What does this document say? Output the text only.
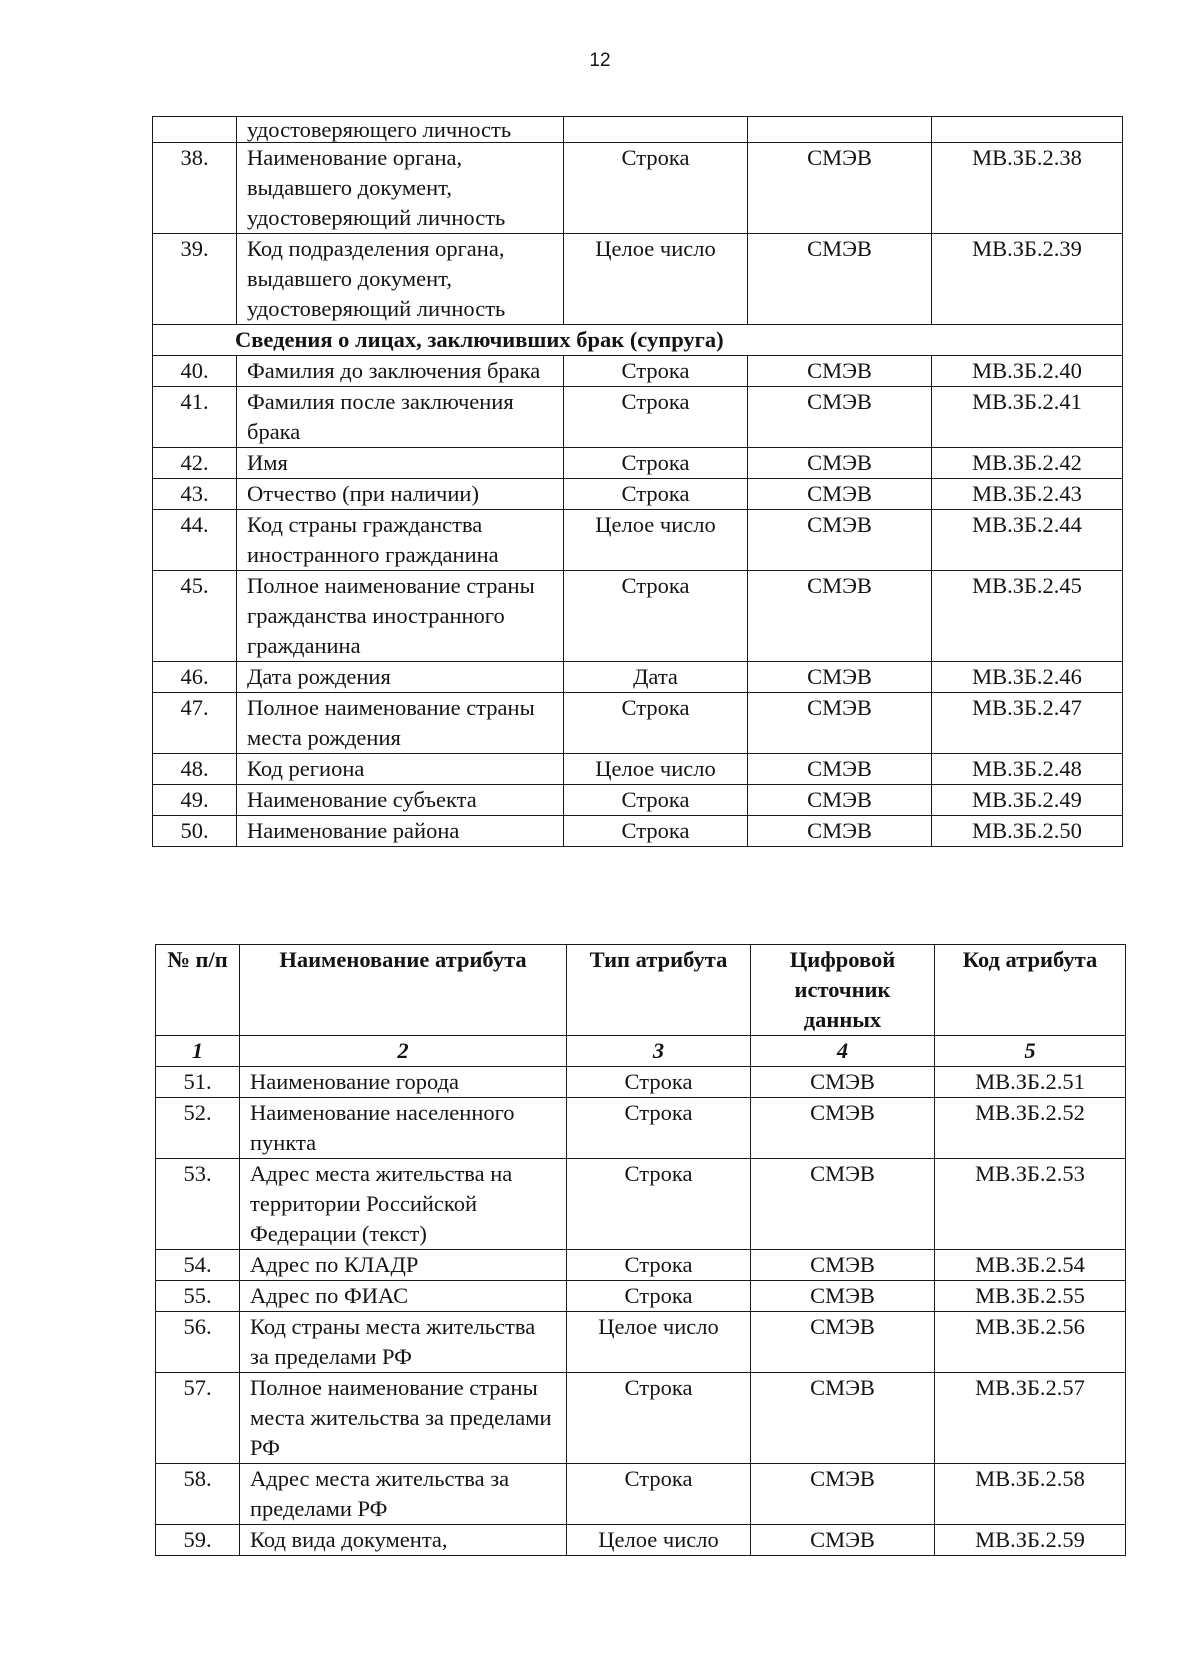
12
	удостоверяющего личность			
38.	Наименование органа, выдавшего документ, удостоверяющий личность	Строка	СМЭВ	МВ.ЗБ.2.38
39.	Код подразделения органа, выдавшего документ, удостоверяющий личность	Целое число	СМЭВ	МВ.ЗБ.2.39
Сведения о лицах, заключивших брак (супруга)				
40.	Фамилия до заключения брака	Строка	СМЭВ	МВ.ЗБ.2.40
41.	Фамилия после заключения брака	Строка	СМЭВ	МВ.ЗБ.2.41
42.	Имя	Строка	СМЭВ	МВ.ЗБ.2.42
43.	Отчество (при наличии)	Строка	СМЭВ	МВ.ЗБ.2.43
44.	Код страны гражданства иностранного гражданина	Целое число	СМЭВ	МВ.ЗБ.2.44
45.	Полное наименование страны гражданства иностранного гражданина	Строка	СМЭВ	МВ.ЗБ.2.45
46.	Дата рождения	Дата	СМЭВ	МВ.ЗБ.2.46
47.	Полное наименование страны места рождения	Строка	СМЭВ	МВ.ЗБ.2.47
48.	Код региона	Целое число	СМЭВ	МВ.ЗБ.2.48
49.	Наименование субъекта	Строка	СМЭВ	МВ.ЗБ.2.49
50.	Наименование района	Строка	СМЭВ	МВ.ЗБ.2.50
№ п/п	Наименование атрибута	Тип атрибута	Цифровой источник данных	Код атрибута
1	2	3	4	5
51.	Наименование города	Строка	СМЭВ	МВ.ЗБ.2.51
52.	Наименование населенного пункта	Строка	СМЭВ	МВ.ЗБ.2.52
53.	Адрес места жительства на территории Российской Федерации (текст)	Строка	СМЭВ	МВ.ЗБ.2.53
54.	Адрес по КЛАДР	Строка	СМЭВ	МВ.ЗБ.2.54
55.	Адрес по ФИАС	Строка	СМЭВ	МВ.ЗБ.2.55
56.	Код страны места жительства за пределами РФ	Целое число	СМЭВ	МВ.ЗБ.2.56
57.	Полное наименование страны места жительства за пределами РФ	Строка	СМЭВ	МВ.ЗБ.2.57
58.	Адрес места жительства за пределами РФ	Строка	СМЭВ	МВ.ЗБ.2.58
59.	Код вида документа,	Целое число	СМЭВ	МВ.ЗБ.2.59
